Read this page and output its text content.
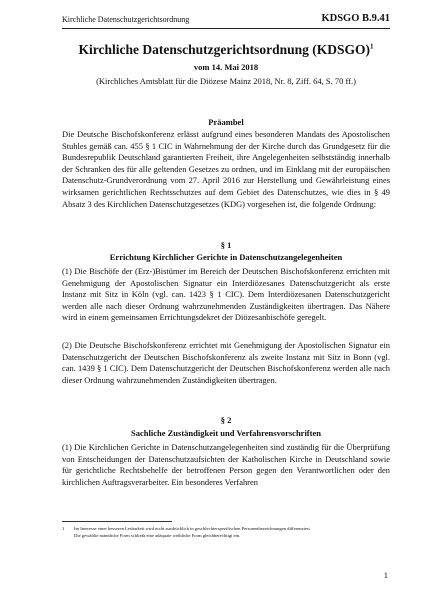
Kirchliche Datenschutzgerichtsordnung	KDSGO B.9.41
Kirchliche Datenschutzgerichtsordnung (KDSGO)$^1$
vom 14. Mai 2018
(Kirchliches Amtsblatt für die Diözese Mainz 2018, Nr. 8, Ziff. 64, S. 70 ff.)
Präambel

Die Deutsche Bischofskonferenz erlässt aufgrund eines besonderen Mandats des Apostolischen Stuhles gemäß can. 455 § 1 CIC in Wahrnehmung der der Kirche durch das Grundgesetz für die Bundesrepublik Deutschland garantierten Freiheit, ihre Angelegenheiten selbstständig innerhalb der Schranken des für alle geltenden Gesetzes zu ordnen, und im Einklang mit der europäischen Datenschutz-Grundverordnung vom 27. April 2016 zur Herstellung und Gewährleistung eines wirksamen gerichtlichen Rechtsschutzes auf dem Gebiet des Datenschutzes, wie dies in § 49 Absatz 3 des Kirchlichen Datenschutzgesetzes (KDG) vorgesehen ist, die folgende Ordnung:

§ 1
Errichtung Kirchlicher Gerichte in Datenschutzangelegenheiten

(1) Die Bischöfe der (Erz-)Bistümer im Bereich der Deutschen Bischofskonferenz errichten mit Genehmigung der Apostolischen Signatur ein Interdiözesanes Datenschutzgericht als erste Instanz mit Sitz in Köln (vgl. can. 1423 § 1 CIC). Dem Interdiözesanen Datenschutzgericht werden alle nach dieser Ordnung wahrzunehmenden Zuständigkeiten übertragen. Das Nähere wird in einem gemeinsamen Errichtungsdekret der Diözesanbischöfe geregelt.

(2) Die Deutsche Bischofskonferenz errichtet mit Genehmigung der Apostolischen Signatur ein Datenschutzgericht der Deutschen Bischofskonferenz als zweite Instanz mit Sitz in Bonn (vgl. can. 1439 § 1 CIC). Dem Datenschutzgericht der Deutschen Bischofskonferenz werden alle nach dieser Ordnung wahrzunehmenden Zuständigkeiten übertragen.

§ 2
Sachliche Zuständigkeit und Verfahrensvorschriften

(1) Die Kirchlichen Gerichte in Datenschutzangelegenheiten sind zuständig für die Überprüfung von Entscheidungen der Datenschutzaufsichten der Katholischen Kirche in Deutschland sowie für gerichtliche Rechtsbehelfe der betroffenen Person gegen den Verantwortlichen oder den kirchlichen Auftragsverarbeiter. Ein besonderes Verfahren

1 Im Interesse einer besseren Lesbarkeit wird nicht ausdrücklich in geschlechterspezifischen Personenbezeichnungen differenziert.
Die gewählte männliche Form schließt eine adäquate weibliche Form gleichberechtigt ein.
1
